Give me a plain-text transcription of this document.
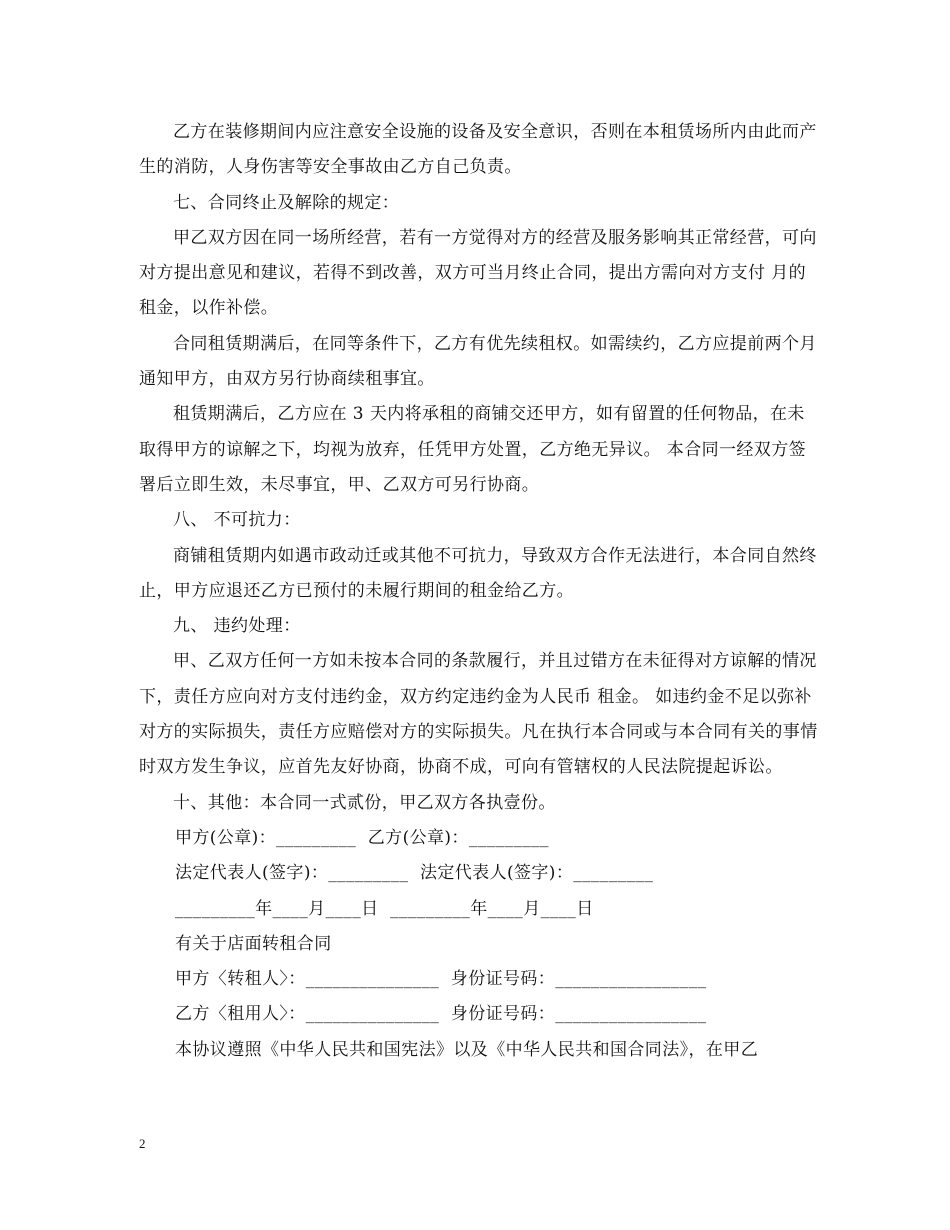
乙方在装修期间内应注意安全设施的设备及安全意识，否则在本租赁场所内由此而产生的消防，人身伤害等安全事故由乙方自己负责。

七、合同终止及解除的规定：

甲乙双方因在同一场所经营，若有一方觉得对方的经营及服务影响其正常经营，可向对方提出意见和建议，若得不到改善，双方可当月终止合同，提出方需向对方支付 月的租金，以作补偿。

合同租赁期满后，在同等条件下，乙方有优先续租权。如需续约，乙方应提前两个月通知甲方，由双方另行协商续租事宜。

租赁期满后，乙方应在 3 天内将承租的商铺交还甲方，如有留置的任何物品，在未取得甲方的谅解之下，均视为放弃，任凭甲方处置，乙方绝无异议。 本合同一经双方签署后立即生效，未尽事宜，甲、乙双方可另行协商。

八、 不可抗力：

商铺租赁期内如遇市政动迁或其他不可抗力，导致双方合作无法进行，本合同自然终止，甲方应退还乙方已预付的未履行期间的租金给乙方。

九、 违约处理：

甲、乙双方任何一方如未按本合同的条款履行，并且过错方在未征得对方谅解的情况下，责任方应向对方支付违约金，双方约定违约金为人民币 租金。 如违约金不足以弥补对方的实际损失，责任方应赔偿对方的实际损失。凡在执行本合同或与本合同有关的事情时双方发生争议，应首先友好协商，协商不成，可向有管辖权的人民法院提起诉讼。

十、其他：本合同一式贰份，甲乙双方各执壹份。

甲方(公章)：_________  乙方(公章)：_________

法定代表人(签字)：_________  法定代表人(签字)：_________

_________年____月____日  _________年____月____日

有关于店面转租合同

甲方〈转租人〉：_______________  身份证号码：_________________

乙方〈租用人〉：_______________  身份证号码：_________________

本协议遵照《中华人民共和国宪法》以及《中华人民共和国合同法》，在甲乙

2
